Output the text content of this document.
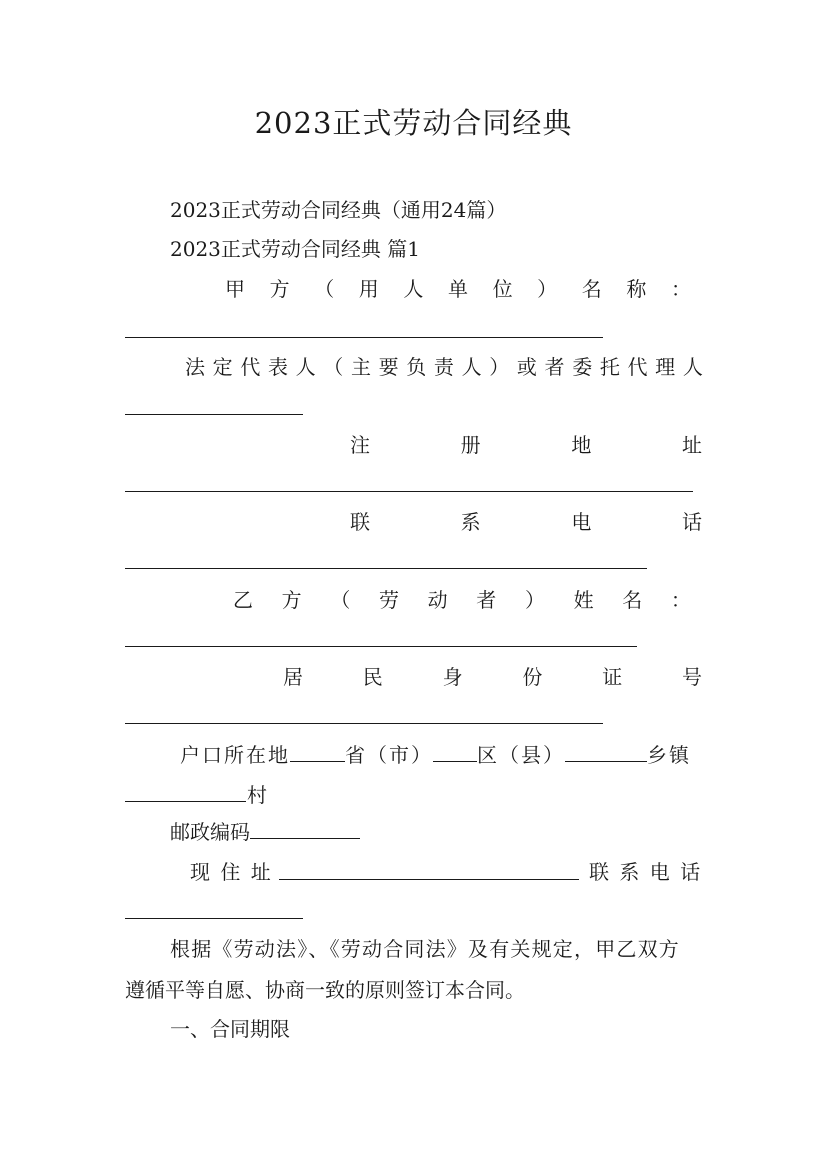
2023正式劳动合同经典
2023正式劳动合同经典（通用24篇）
2023正式劳动合同经典 篇1
甲 方 （ 用 人 单 位 ） 名 称 ：
法 定 代 表 人 （ 主 要 负 责 人 ） 或 者 委 托 代 理 人
注	册	地	址
联	系	电	话
乙 方 （ 劳 动 者 ） 姓 名 ：
居	民	身	份	证	号
户口所在地	省（市） 区（县）	乡镇
村
邮政编码
现 住 址	联 系 电 话
根据《劳动法》、《劳动合同法》及有关规定，甲乙双方
遵循平等自愿、协商一致的原则签订本合同。
一、合同期限
